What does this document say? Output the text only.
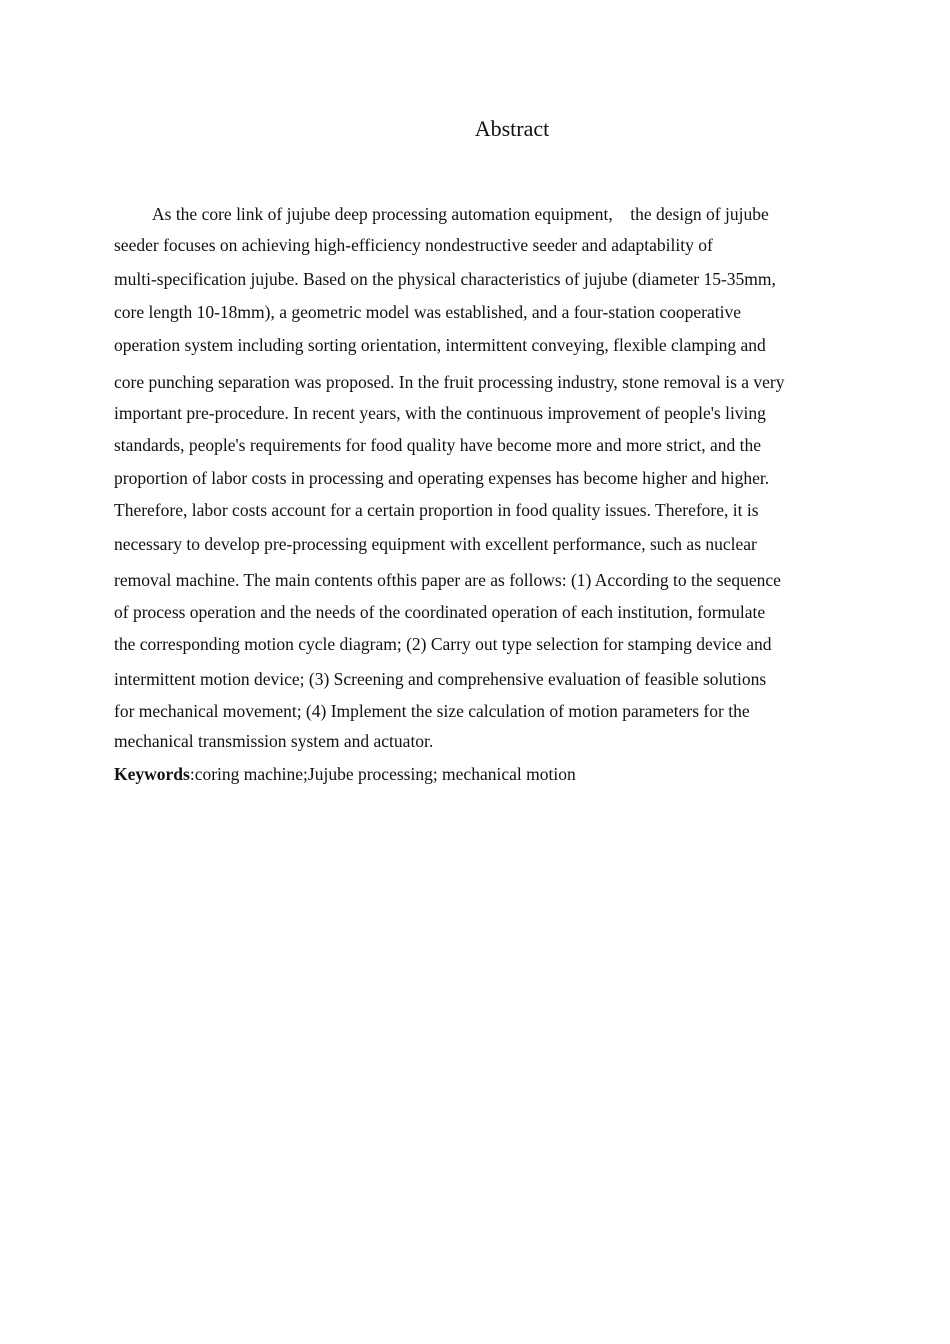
Abstract
As the core link of jujube deep processing automation equipment,    the design of jujube
seeder focuses on achieving high-efficiency nondestructive seeder and adaptability of
multi-specification jujube. Based on the physical characteristics of jujube (diameter 15-35mm,
core length 10-18mm), a geometric model was established, and a four-station cooperative
operation system including sorting orientation, intermittent conveying, flexible clamping and
core punching separation was proposed. In the fruit processing industry, stone removal is a very
important pre-procedure. In recent years, with the continuous improvement of people's living
standards, people's requirements for food quality have become more and more strict, and the
proportion of labor costs in processing and operating expenses has become higher and higher.
Therefore, labor costs account for a certain proportion in food quality issues. Therefore, it is
necessary to develop pre-processing equipment with excellent performance, such as nuclear
removal machine. The main contents ofthis paper are as follows: (1) According to the sequence
of process operation and the needs of the coordinated operation of each institution, formulate
the corresponding motion cycle diagram; (2) Carry out type selection for stamping device and
intermittent motion device; (3) Screening and comprehensive evaluation of feasible solutions
for mechanical movement; (4) Implement the size calculation of motion parameters for the
mechanical transmission system and actuator.
Keywords:coring machine;Jujube processing; mechanical motion
